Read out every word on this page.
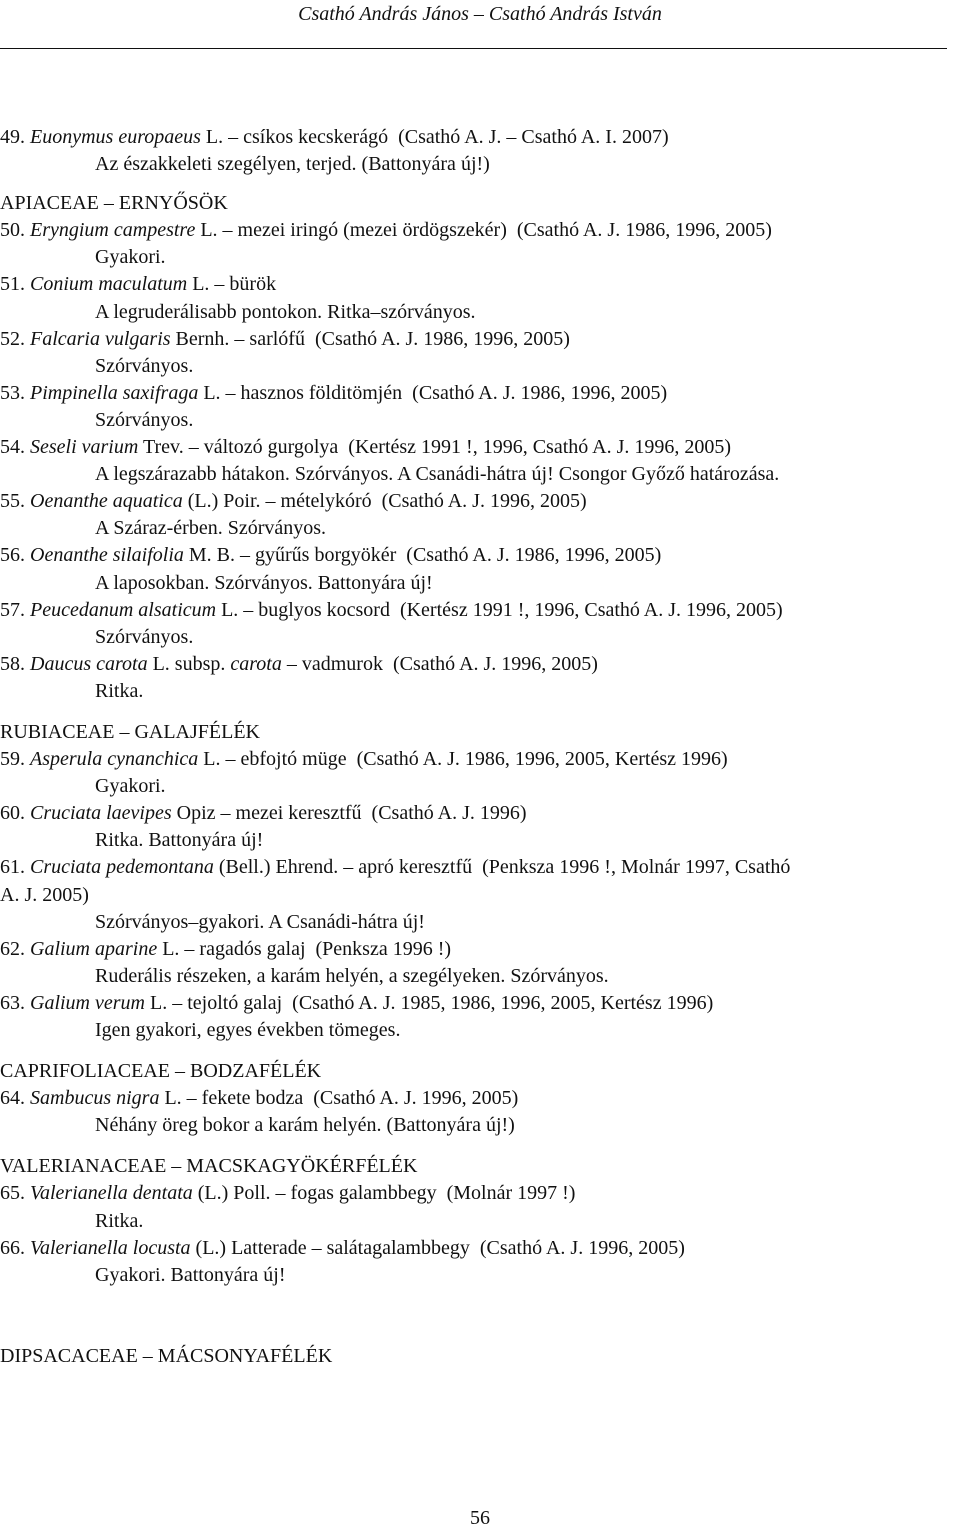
Csathó András János – Csathó András István
49. Euonymus europaeus L. – csíkos kecskerágó  (Csathó A. J. – Csathó A. I. 2007)
Az északkeleti szegélyen, terjed. (Battonyára új!)
APIACEAE – ERNYŐSÖK
50. Eryngium campestre L. – mezei iringó (mezei ördögszekér)  (Csathó A. J. 1986, 1996, 2005)
Gyakori.
51. Conium maculatum L. – bürök
A legruderálisabb pontokon. Ritka–szórványos.
52. Falcaria vulgaris Bernh. – sarlófű  (Csathó A. J. 1986, 1996, 2005)
Szórványos.
53. Pimpinella saxifraga L. – hasznos földitömjén  (Csathó A. J. 1986, 1996, 2005)
Szórványos.
54. Seseli varium Trev. – változó gurgolya  (Kertész 1991 !, 1996, Csathó A. J. 1996, 2005)
A legszárazabb hátakon. Szórványos. A Csanádi-hátra új! Csongor Győző határozása.
55. Oenanthe aquatica (L.) Poir. – mételykóró  (Csathó A. J. 1996, 2005)
A Száraz-érben. Szórványos.
56. Oenanthe silaifolia M. B. – gyűrűs borgyökér  (Csathó A. J. 1986, 1996, 2005)
A laposokban. Szórványos. Battonyára új!
57. Peucedanum alsaticum L. – buglyos kocsord  (Kertész 1991 !, 1996, Csathó A. J. 1996, 2005)
Szórványos.
58. Daucus carota L. subsp. carota – vadmurok  (Csathó A. J. 1996, 2005)
Ritka.
RUBIACEAE – GALAJFÉLÉK
59. Asperula cynanchica L. – ebfojtó müge  (Csathó A. J. 1986, 1996, 2005, Kertész 1996)
Gyakori.
60. Cruciata laevipes Opiz – mezei keresztfű  (Csathó A. J. 1996)
Ritka. Battonyára új!
61. Cruciata pedemontana (Bell.) Ehrend. – apró keresztfű  (Penksza 1996 !, Molnár 1997, Csathó
A. J. 2005)
Szórványos–gyakori. A Csanádi-hátra új!
62. Galium aparine L. – ragadós galaj  (Penksza 1996 !)
Ruderális részeken, a karám helyén, a szegélyeken. Szórványos.
63. Galium verum L. – tejoltó galaj  (Csathó A. J. 1985, 1986, 1996, 2005, Kertész 1996)
Igen gyakori, egyes években tömeges.
CAPRIFOLIACEAE – BODZAFÉLÉK
64. Sambucus nigra L. – fekete bodza  (Csathó A. J. 1996, 2005)
Néhány öreg bokor a karám helyén. (Battonyára új!)
VALERIANACEAE – MACSKAGYÖKÉRFÉLÉK
65. Valerianella dentata (L.) Poll. – fogas galambbegy  (Molnár 1997 !)
Ritka.
66. Valerianella locusta (L.) Latterade – salátagalambbegy  (Csathó A. J. 1996, 2005)
Gyakori. Battonyára új!
DIPSACACEAE – MÁCSONYAFÉLÉK
56
